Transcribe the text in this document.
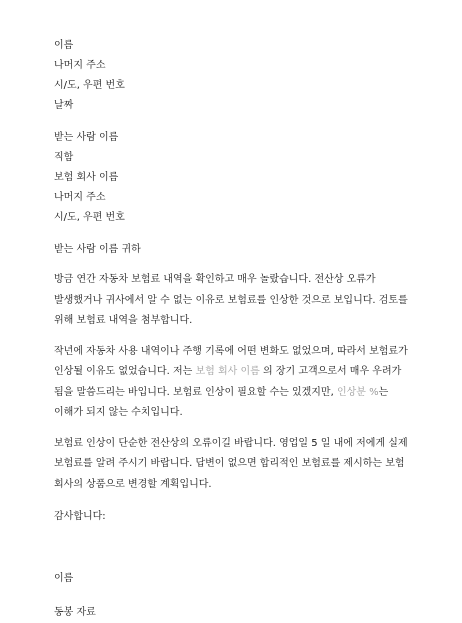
이름
나머지 주소
시/도, 우편 번호
날짜
받는 사람 이름
직함
보험 회사 이름
나머지 주소
시/도, 우편 번호
받는 사람 이름 귀하
방금 연간 자동차 보험료 내역을 확인하고 매우 놀랐습니다. 전산상 오류가
발생했거나 귀사에서 알 수 없는 이유로 보험료를 인상한 것으로 보입니다. 검토를
위해 보험료 내역을 첨부합니다.
작년에 자동차 사용 내역이나 주행 기록에 어떤 변화도 없었으며, 따라서 보험료가
인상될 이유도 없었습니다. 저는 보험 회사 이름 의 장기 고객으로서 매우 우려가
됨을 말씀드리는 바입니다. 보험료 인상이 필요할 수는 있겠지만, 인상분 %는
이해가 되지 않는 수치입니다.
보험료 인상이 단순한 전산상의 오류이길 바랍니다. 영업일 5 일 내에 저에게 실제
보험료를 알려 주시기 바랍니다. 답변이 없으면 합리적인 보험료를 제시하는 보험
회사의 상품으로 변경할 계획입니다.
감사합니다:
이름
동봉 자료
